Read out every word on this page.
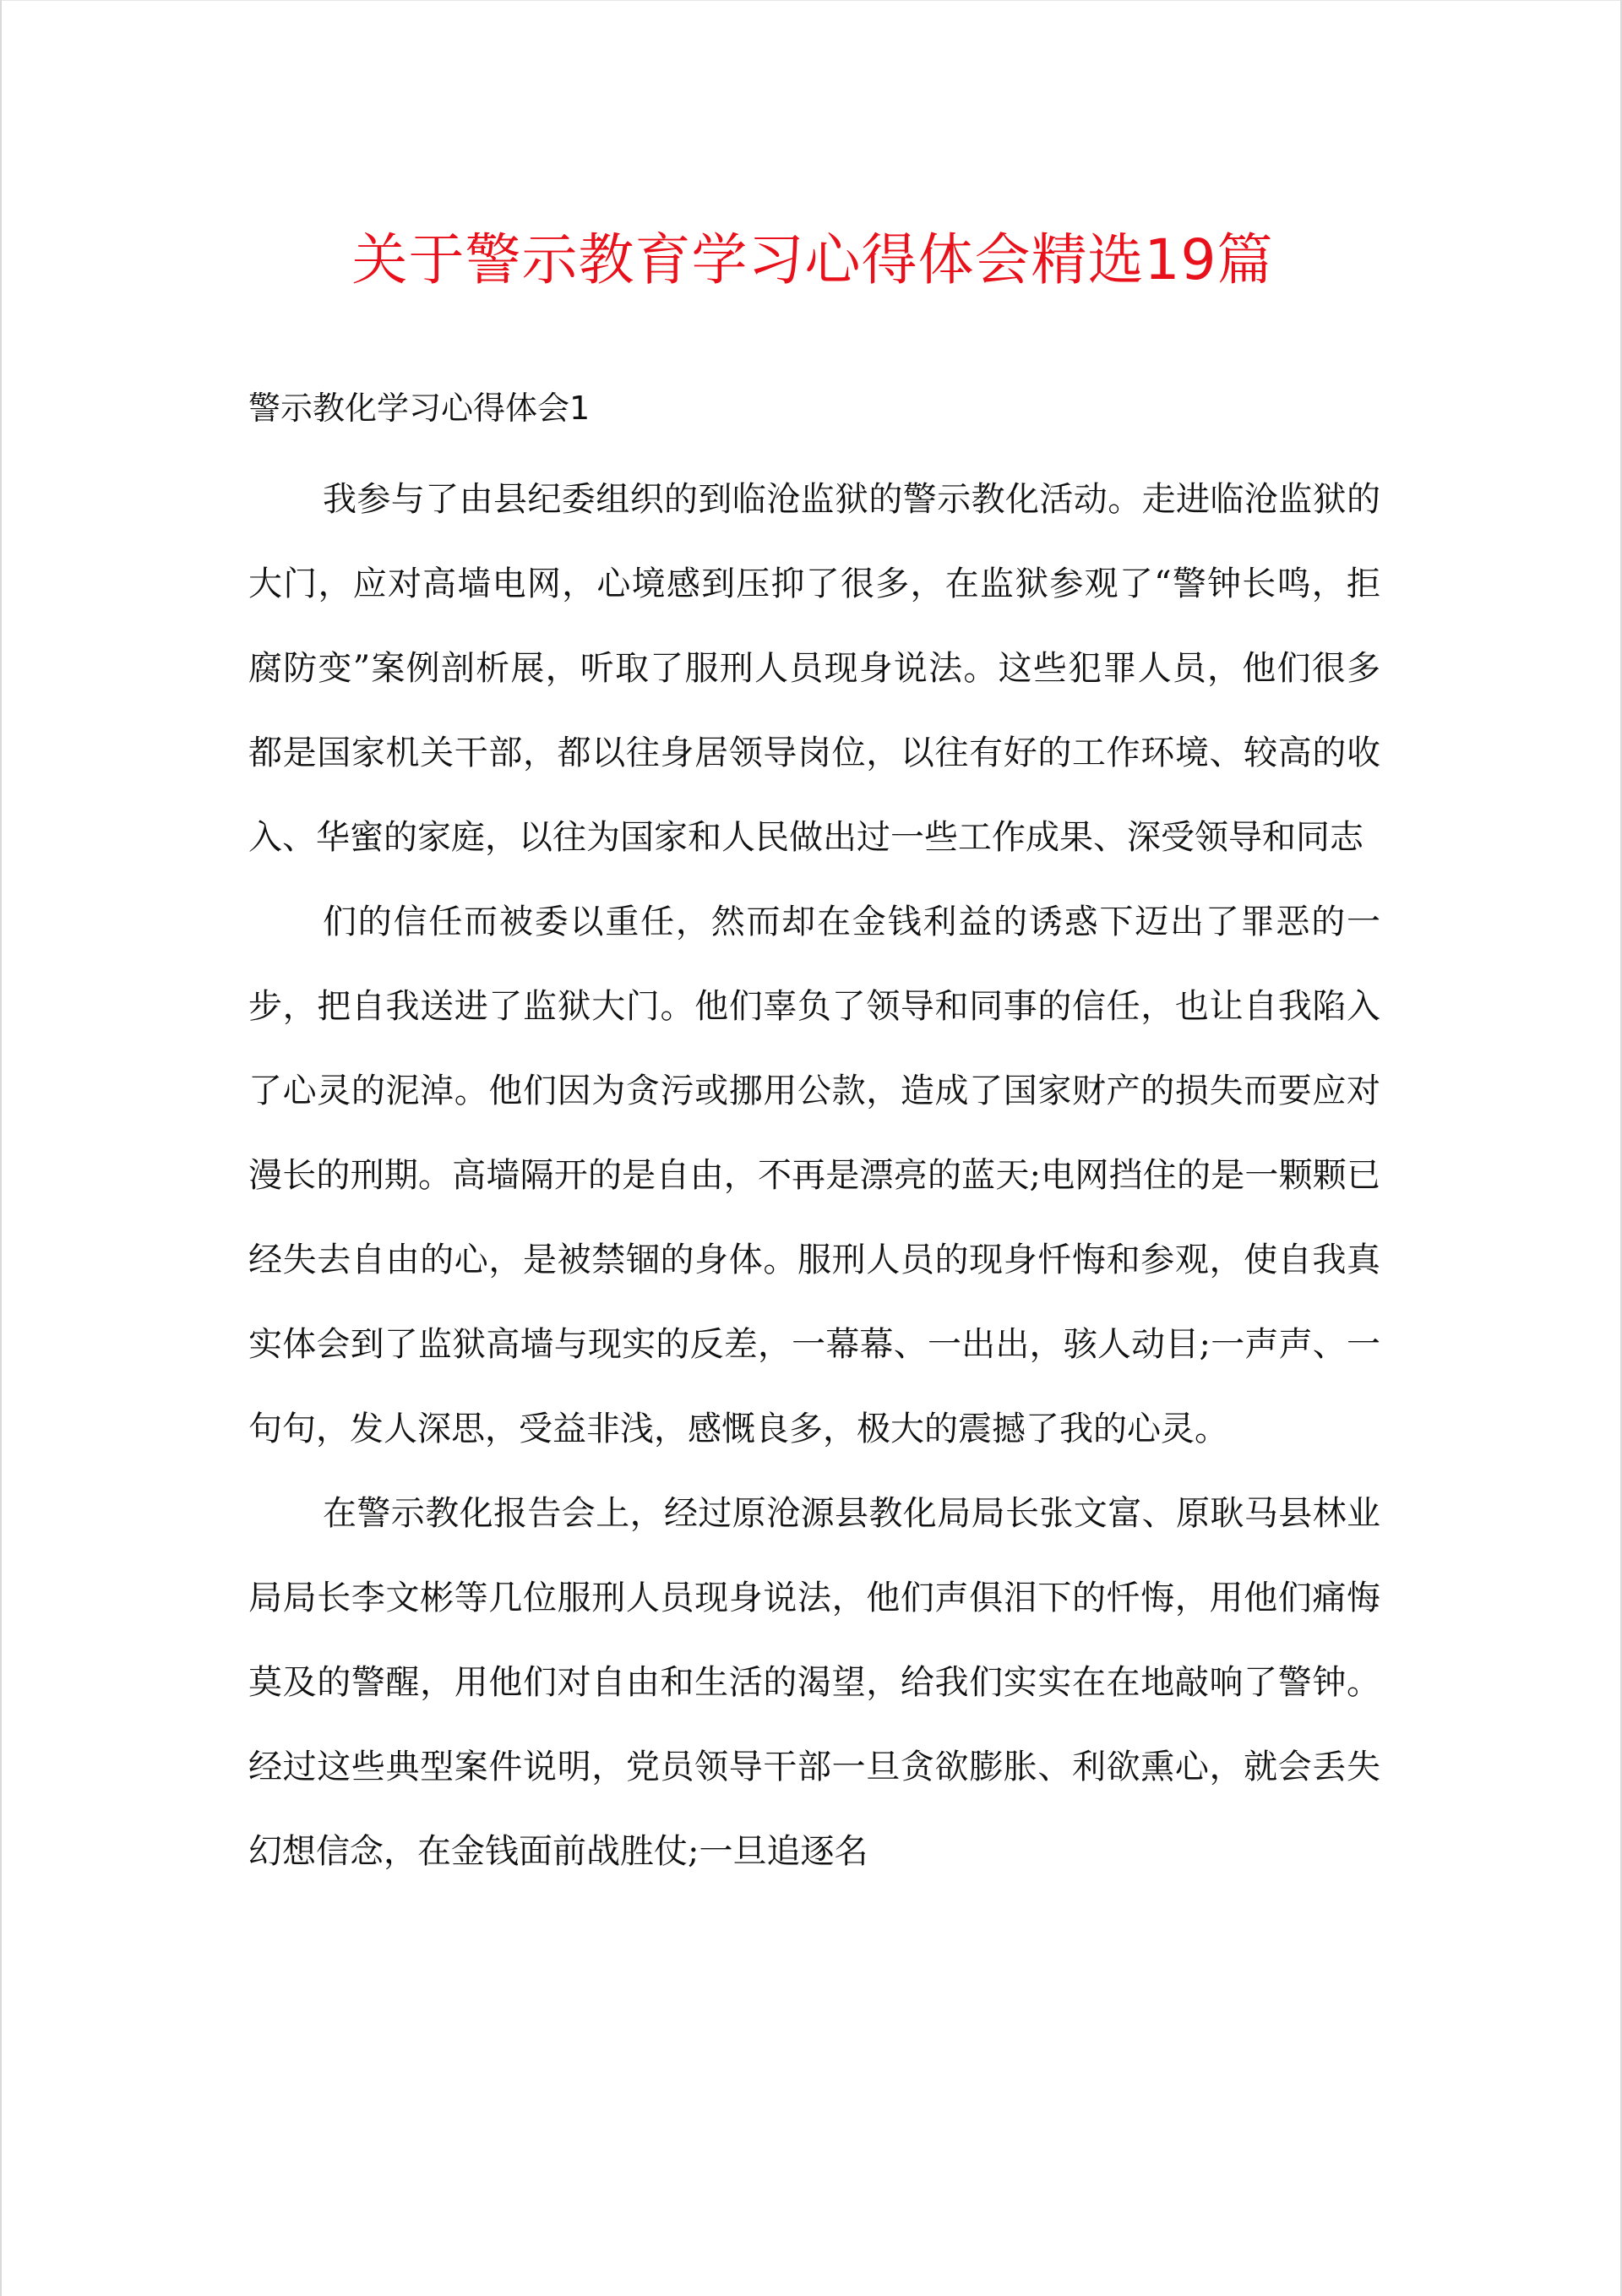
关于警示教育学习心得体会精选19篇
警示教化学习心得体会1

我参与了由县纪委组织的到临沧监狱的警示教化活动。走进临沧监狱的大门，应对高墙电网，心境感到压抑了很多，在监狱参观了“警钟长鸣，拒腐防变”案例剖析展，听取了服刑人员现身说法。这些犯罪人员，他们很多都是国家机关干部，都以往身居领导岗位，以往有好的工作环境、较高的收入、华蜜的家庭，以往为国家和人民做出过一些工作成果、深受领导和同志

们的信任而被委以重任，然而却在金钱利益的诱惑下迈出了罪恶的一步，把自我送进了监狱大门。他们辜负了领导和同事的信任，也让自我陷入了心灵的泥淖。他们因为贪污或挪用公款，造成了国家财产的损失而要应对漫长的刑期。高墙隔开的是自由，不再是漂亮的蓝天;电网挡住的是一颗颗已经失去自由的心，是被禁锢的身体。服刑人员的现身忏悔和参观，使自我真实体会到了监狱高墙与现实的反差，一幕幕、一出出，骇人动目;一声声、一句句，发人深思，受益非浅，感慨良多，极大的震撼了我的心灵。

在警示教化报告会上，经过原沧源县教化局局长张文富、原耿马县林业局局长李文彬等几位服刑人员现身说法，他们声俱泪下的忏悔，用他们痛悔莫及的警醒，用他们对自由和生活的渴望，给我们实实在在地敲响了警钟。经过这些典型案件说明，党员领导干部一旦贪欲膨胀、利欲熏心，就会丢失幻想信念，在金钱面前战胜仗;一旦追逐名
